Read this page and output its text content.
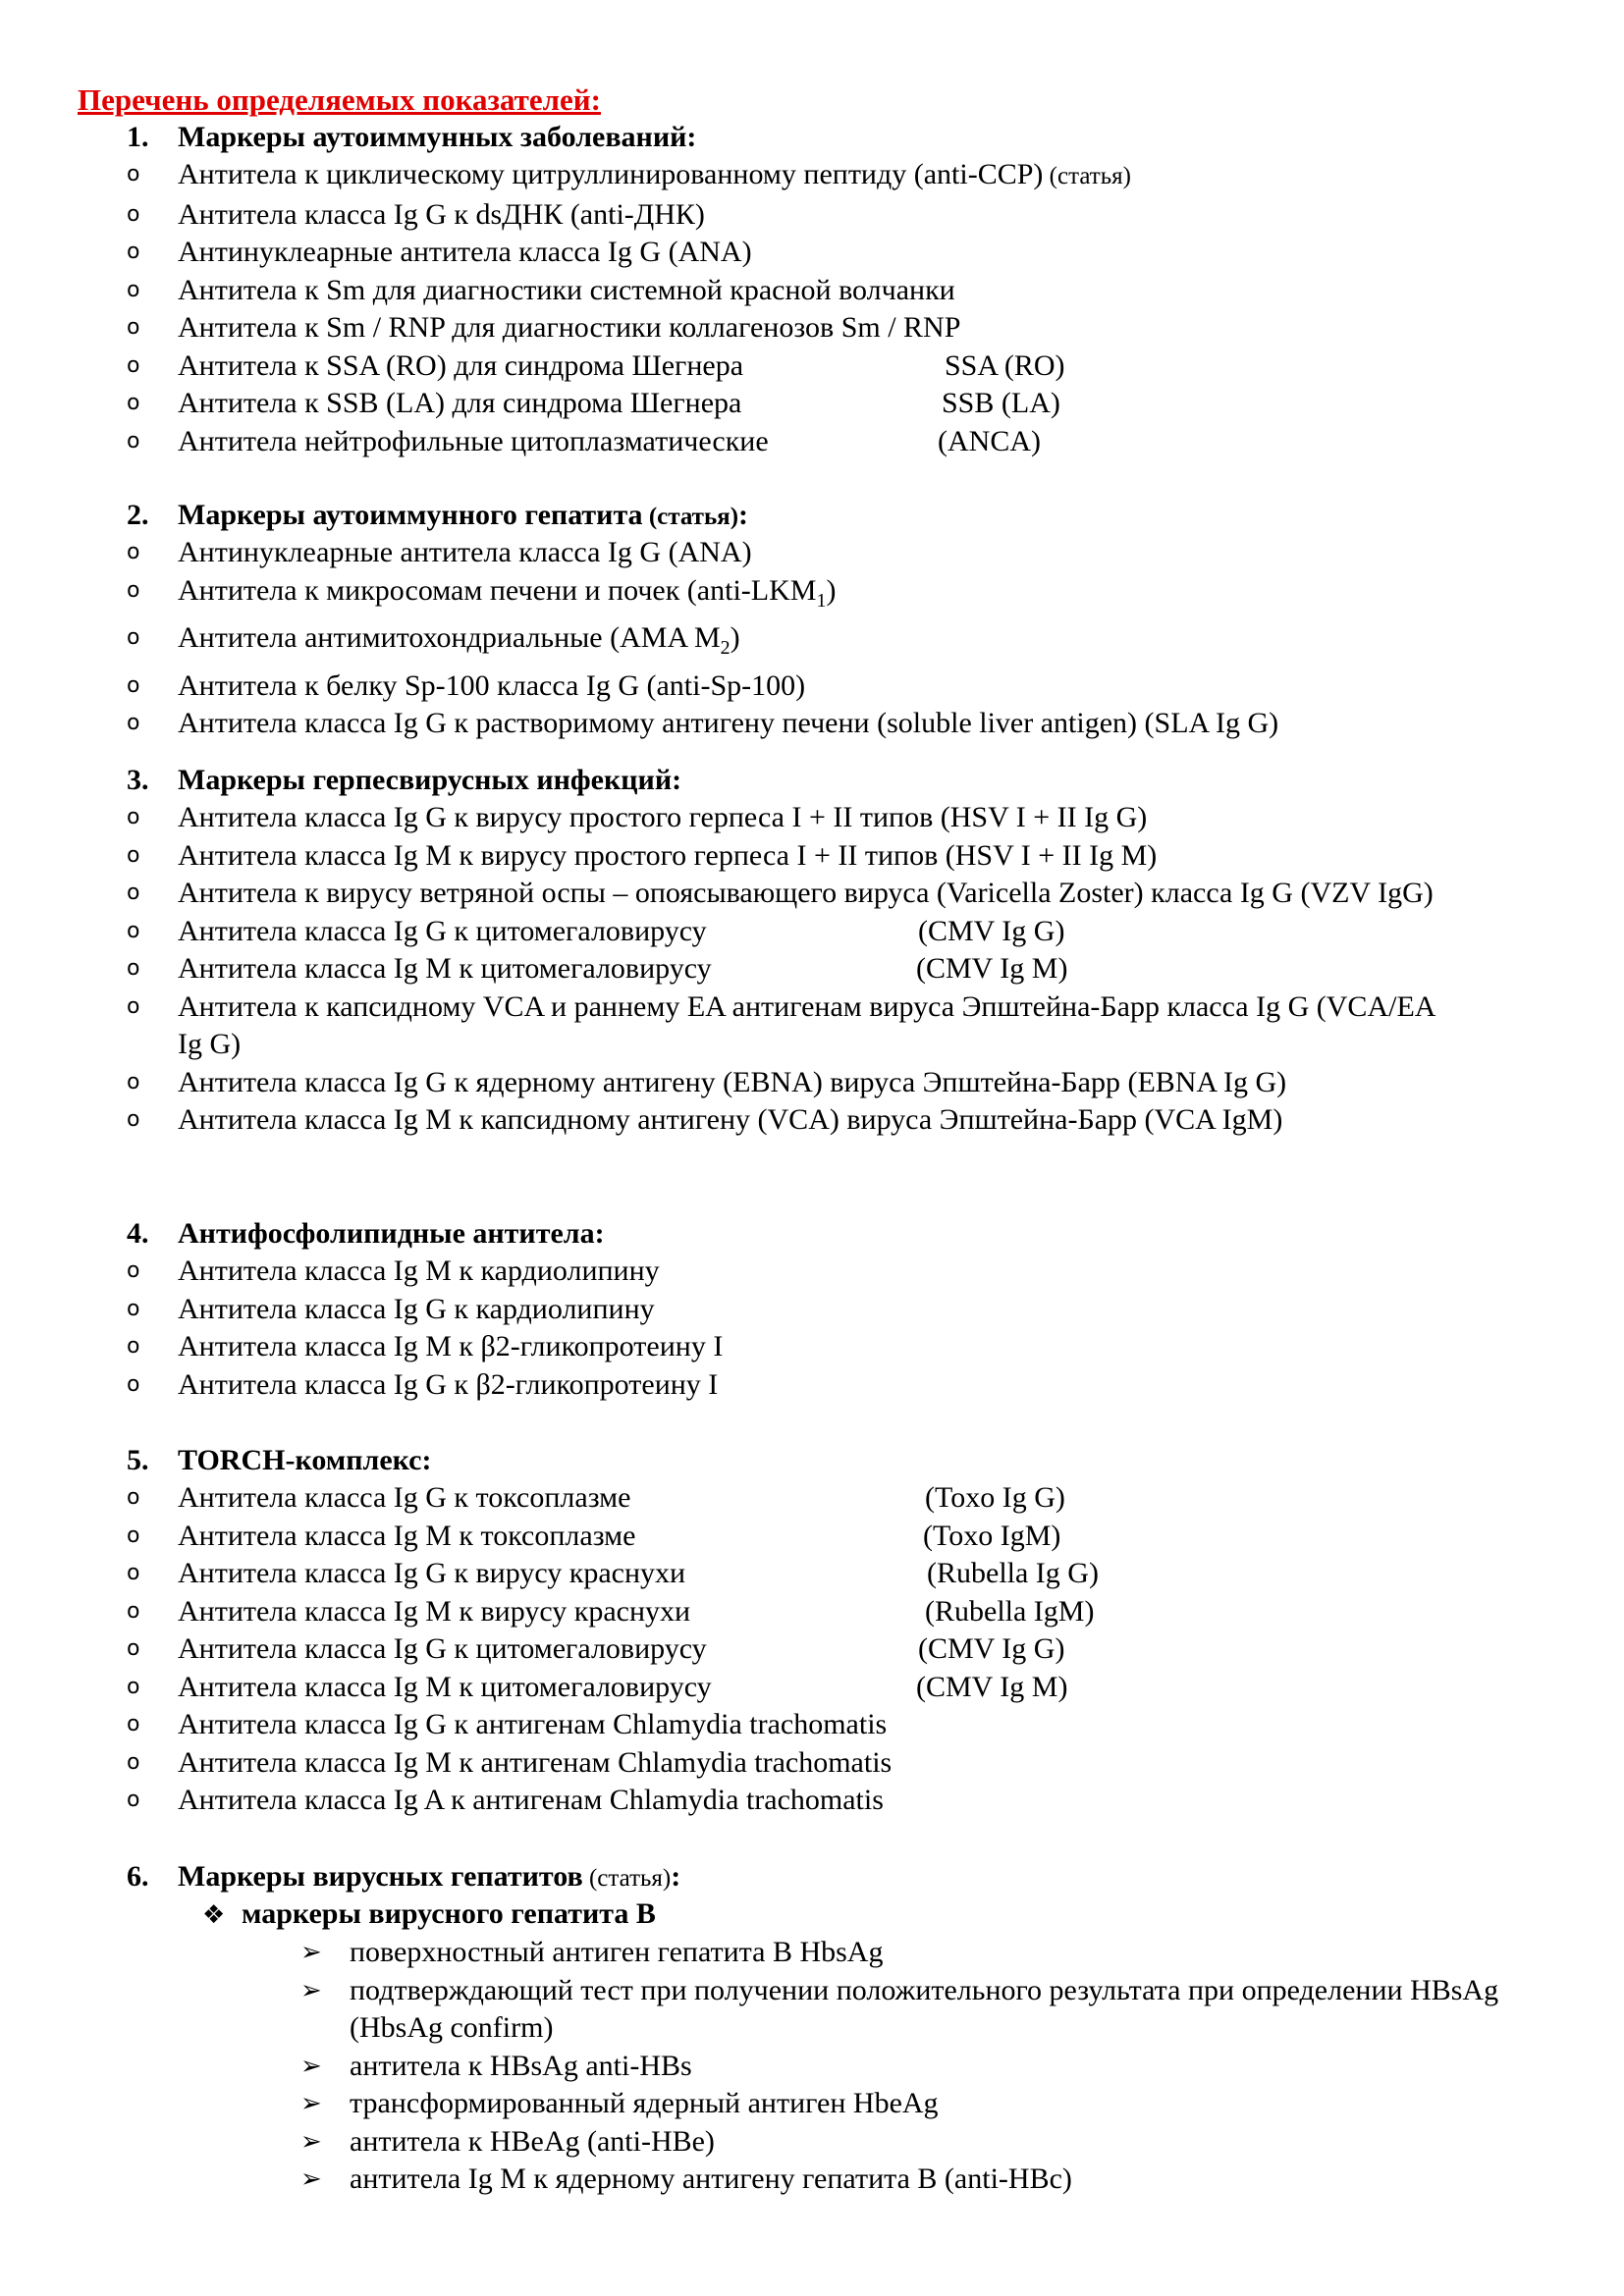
Перечень определяемых показателей:
1. Маркеры аутоиммунных заболеваний:
o Антитела к циклическому цитруллинированному пептиду (anti-CCP) (статья)
o Антитела класса Ig G к dsДНК (anti-ДНК)
o Антинуклеарные антитела класса Ig G (ANA)
o Антитела к Sm для диагностики системной красной волчанки
o Антитела к Sm / RNP для диагностики коллагенозов Sm / RNP
o Антитела к SSA (RO) для синдрома Шегнера	SSA (RO)
o Антитела к SSB (LA) для синдрома Шегнера	SSB (LA)
o Антитела нейтрофильные цитоплазматические	(ANCA)
2. Маркеры аутоиммунного гепатита (статья):
o Антинуклеарные антитела класса Ig G (ANA)
o Антитела к микросомам печени и почек $(anti-LKM_1)$
o Антитела антимитохондриальные (AMA $M_2$)
o Антитела к белку Sp-100 класса Ig G (anti-Sp-100)
o Антитела класса Ig G к растворимому антигену печени (soluble liver antigen) (SLA Ig G)
3. Маркеры герпесвирусных инфекций:
o Антитела класса Ig G к вирусу простого герпеса I + II типов (HSV I + II Ig G)
o Антитела класса Ig M к вирусу простого герпеса I + II типов (HSV I + II Ig M)
o Антитела к вирусу ветряной оспы – опоясывающего вируса (Varicella Zoster) класса Ig G (VZV IgG)
o Антитела класса Ig G к цитомегаловирусу	(CMV Ig G)
o Антитела класса Ig M к цитомегаловирусу	(CMV Ig M)
o Антитела к капсидному VCA и раннему EA антигенам вируса Эпштейна-Барр класса Ig G (VCA/EA Ig G)
o Антитела класса Ig G к ядерному антигену (EBNA) вируса Эпштейна-Барр (EBNA Ig G)
o Антитела класса Ig M к капсидному антигену (VCA) вируса Эпштейна-Барр (VCA IgM)
4. Антифосфолипидные антитела:
o Антитела класса Ig M к кардиолипину
o Антитела класса Ig G к кардиолипину
o Антитела класса Ig M к β2-гликопротеину I
o Антитела класса Ig G к β2-гликопротеину I
5. TORCH-комплекс:
o Антитела класса Ig G к токсоплазме	(Toxo Ig G)
o Антитела класса Ig M к токсоплазме	(Toxo IgM)
o Антитела класса Ig G к вирусу краснухи	(Rubella Ig G)
o Антитела класса Ig M к вирусу краснухи	(Rubella IgM)
o Антитела класса Ig G к цитомегаловирусу	(CMV Ig G)
o Антитела класса Ig M к цитомегаловирусу	(CMV Ig M)
o Антитела класса Ig G к антигенам Chlamydia trachomatis
o Антитела класса Ig M к антигенам Chlamydia trachomatis
o Антитела класса Ig A к антигенам Chlamydia trachomatis
6. Маркеры вирусных гепатитов (статья):
❖ маркеры вирусного гепатита В
➢ поверхностный антиген гепатита В HbsAg
➢ подтверждающий тест при получении положительного результата при определении HBsAg (HbsAg confirm)
➢ антитела к HBsAg anti-HBs
➢ трансформированный ядерный антиген HbeAg
➢ антитела к HBeAg (anti-HBe)
➢ антитела Ig M к ядерному антигену гепатита В (anti-HBc)
